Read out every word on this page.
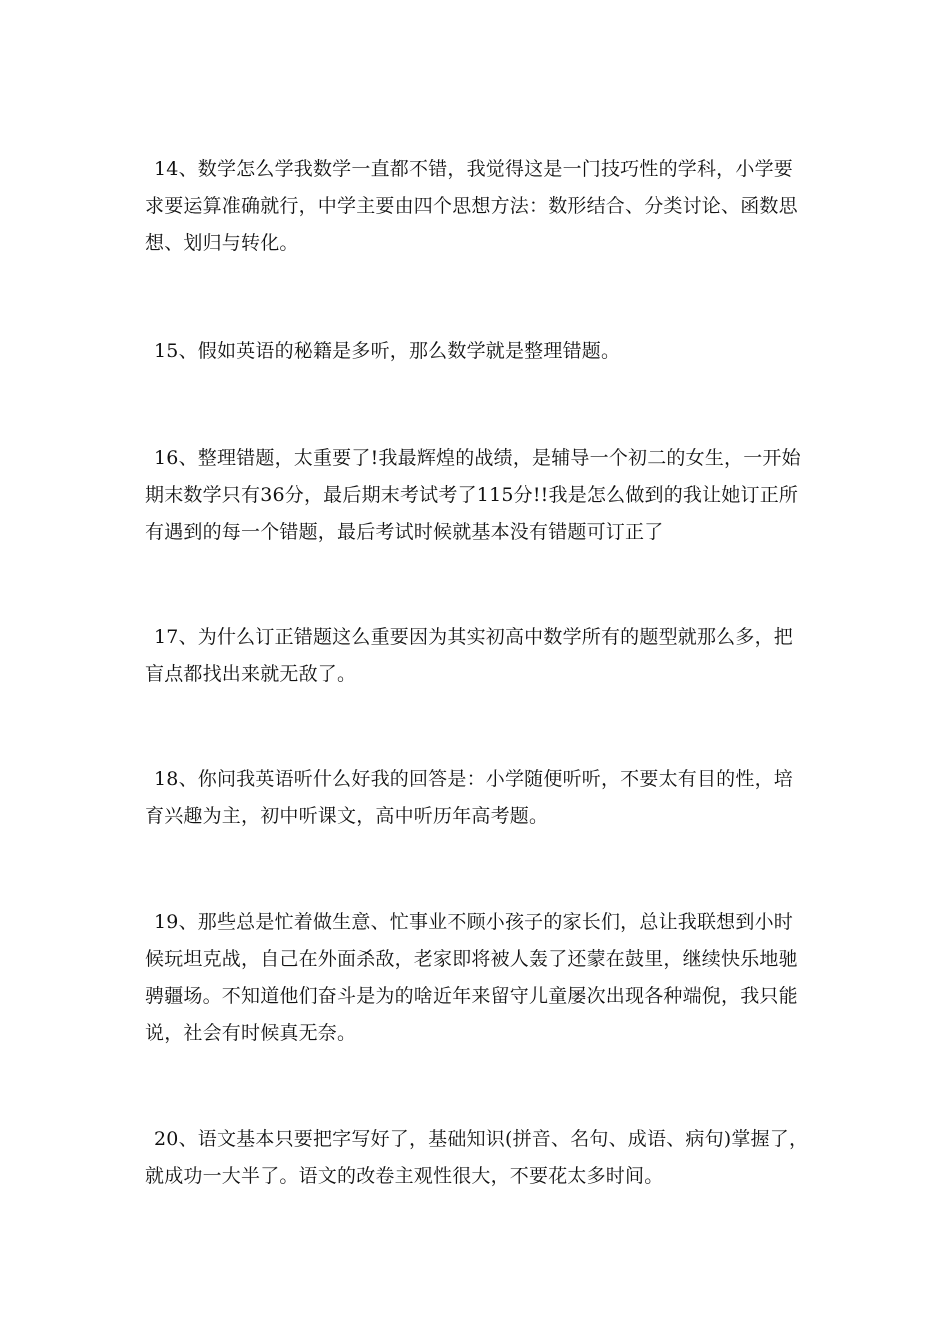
14、数学怎么学我数学一直都不错，我觉得这是一门技巧性的学科，小学要求要运算准确就行，中学主要由四个思想方法：数形结合、分类讨论、函数思想、划归与转化。

15、假如英语的秘籍是多听，那么数学就是整理错题。

16、整理错题，太重要了!我最辉煌的战绩，是辅导一个初二的女生，一开始期末数学只有36分，最后期末考试考了115分!!我是怎么做到的我让她订正所有遇到的每一个错题，最后考试时候就基本没有错题可订正了

17、为什么订正错题这么重要因为其实初高中数学所有的题型就那么多，把盲点都找出来就无敌了。

18、你问我英语听什么好我的回答是：小学随便听听，不要太有目的性，培育兴趣为主，初中听课文，高中听历年高考题。

19、那些总是忙着做生意、忙事业不顾小孩子的家长们，总让我联想到小时候玩坦克战，自己在外面杀敌，老家即将被人轰了还蒙在鼓里，继续快乐地驰骋疆场。不知道他们奋斗是为的啥近年来留守儿童屡次出现各种端倪，我只能说，社会有时候真无奈。

20、语文基本只要把字写好了，基础知识(拼音、名句、成语、病句)掌握了，就成功一大半了。语文的改卷主观性很大，不要花太多时间。
